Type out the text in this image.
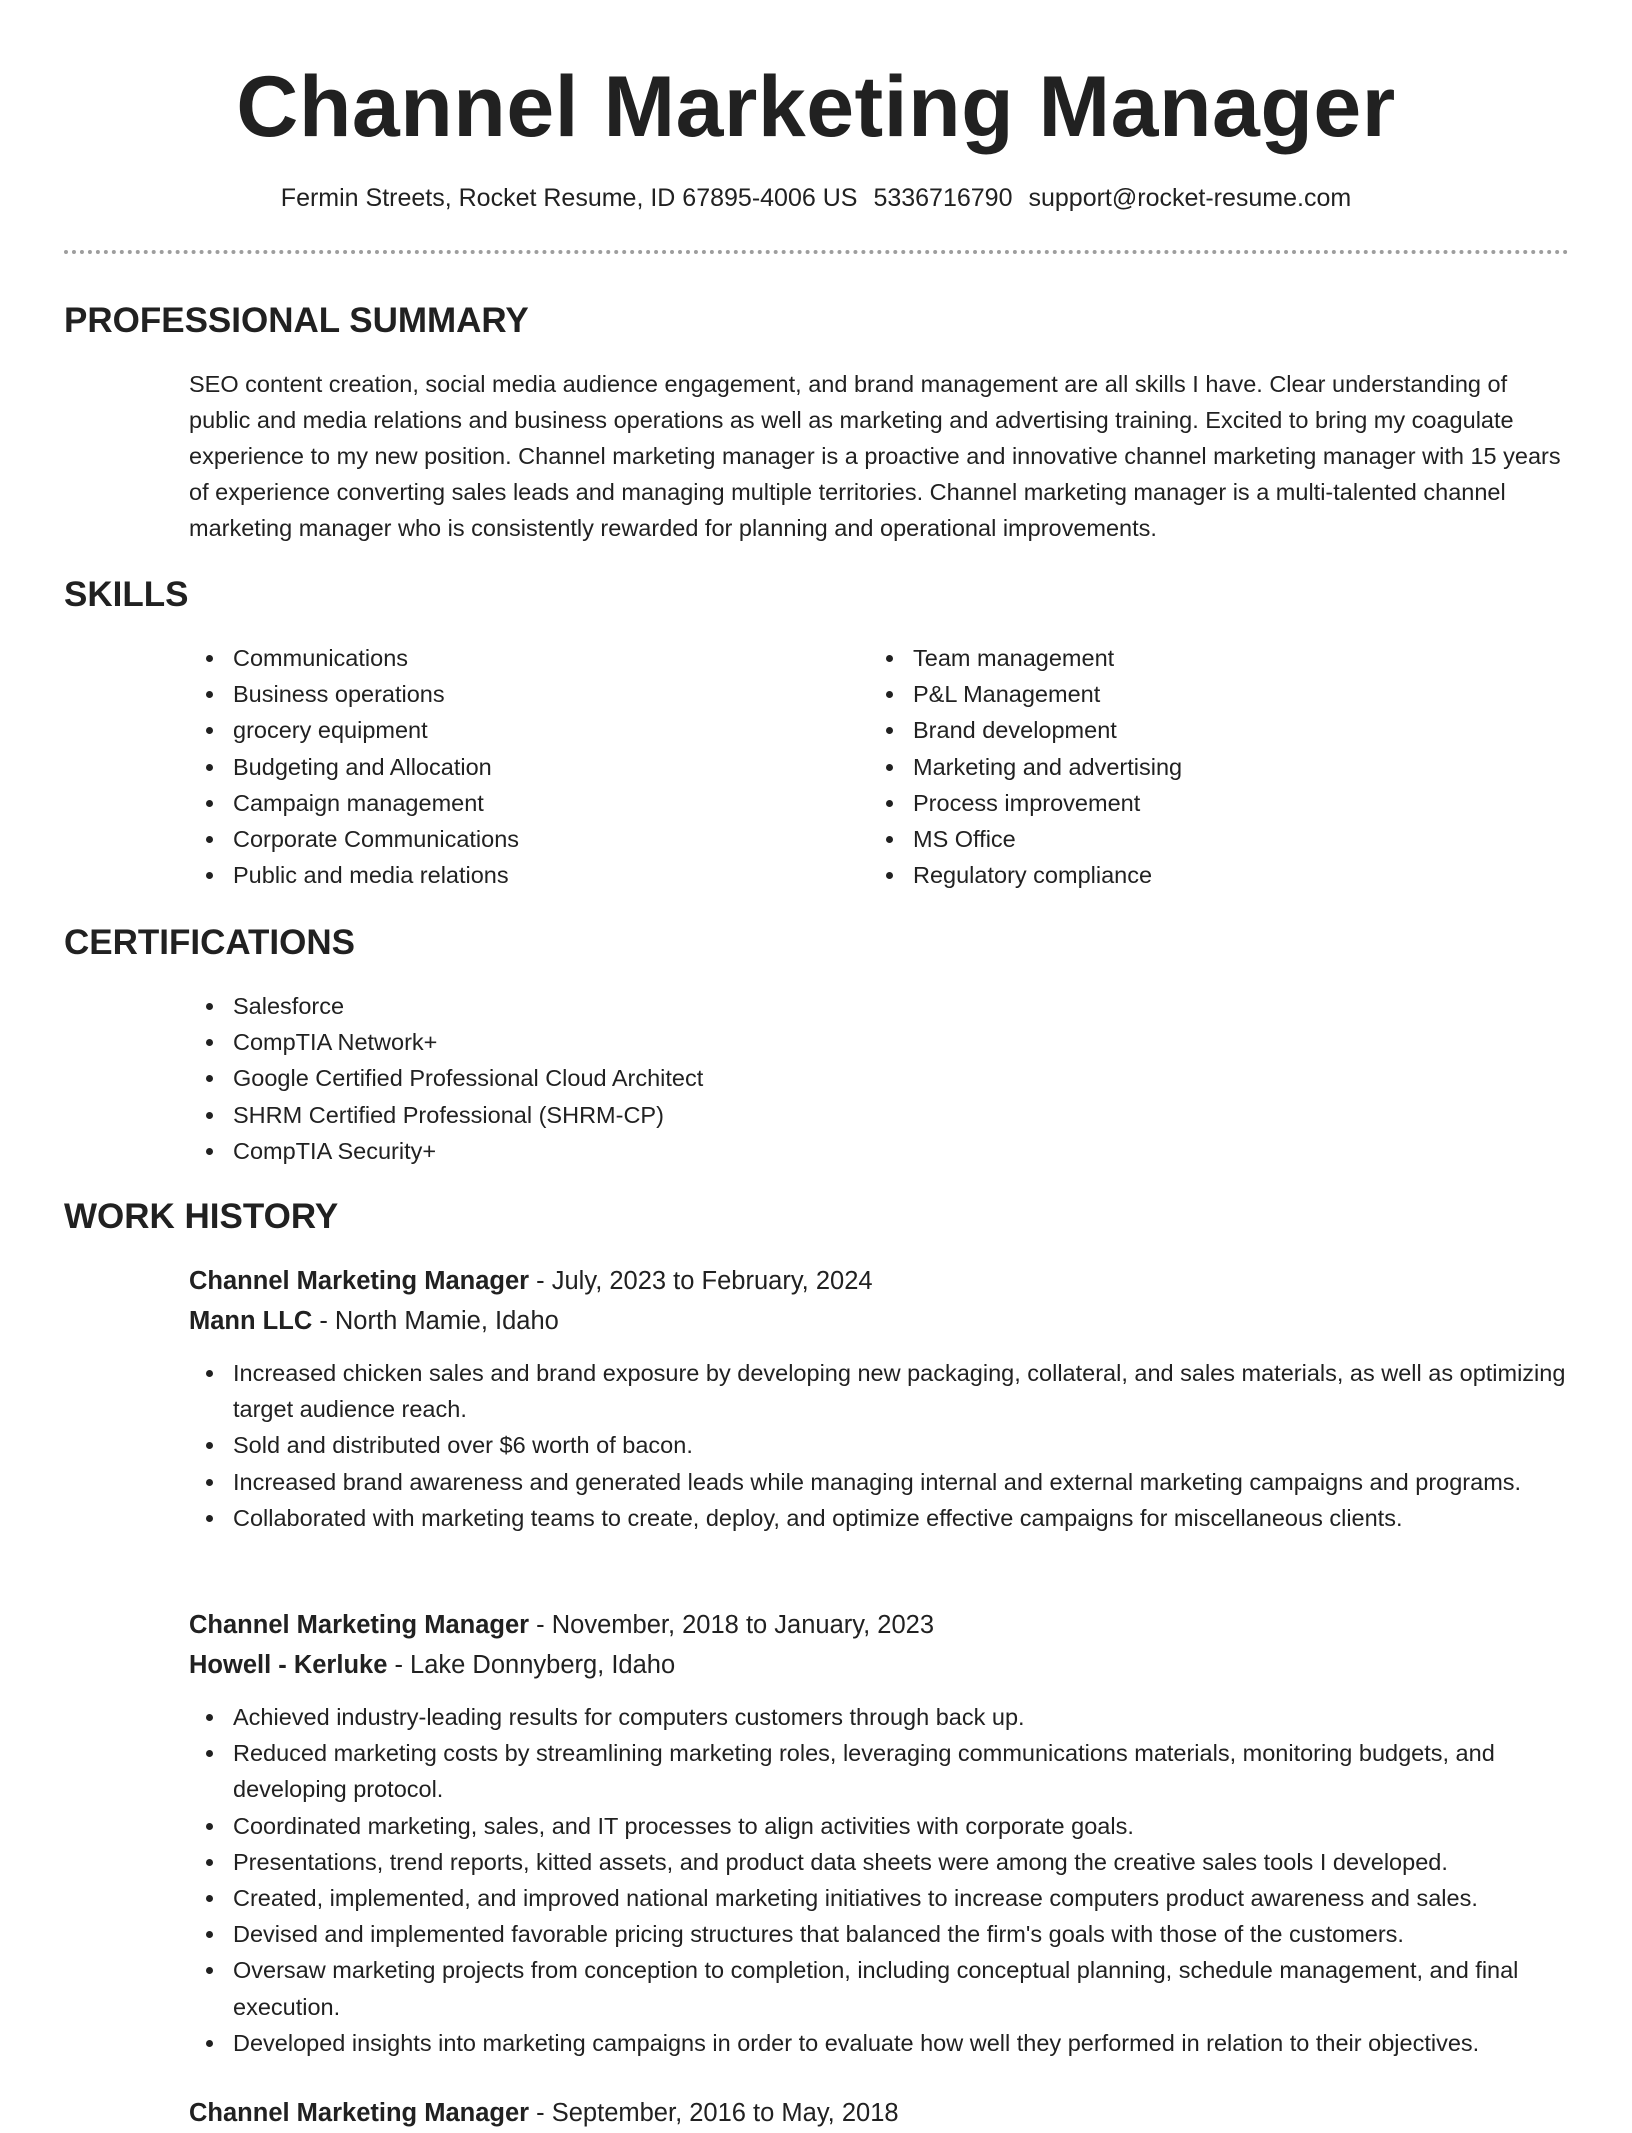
Channel Marketing Manager
Fermin Streets, Rocket Resume, ID 67895-4006 US 5336716790 support@rocket-resume.com
PROFESSIONAL SUMMARY

SEO content creation, social media audience engagement, and brand management are all skills I have. Clear understanding of public and media relations and business operations as well as marketing and advertising training. Excited to bring my coagulate experience to my new position. Channel marketing manager is a proactive and innovative channel marketing manager with 15 years of experience converting sales leads and managing multiple territories. Channel marketing manager is a multi-talented channel marketing manager who is consistently rewarded for planning and operational improvements.

SKILLS
Communications
Business operations
grocery equipment
Budgeting and Allocation
Campaign management
Corporate Communications
Public and media relations
Team management
P&L Management
Brand development
Marketing and advertising
Process improvement
MS Office
Regulatory compliance
CERTIFICATIONS
Salesforce
CompTIA Network+
Google Certified Professional Cloud Architect
SHRM Certified Professional (SHRM-CP)
CompTIA Security+
WORK HISTORY
Channel Marketing Manager - July, 2023 to February, 2024
Mann LLC - North Mamie, Idaho
Increased chicken sales and brand exposure by developing new packaging, collateral, and sales materials, as well as optimizing target audience reach.
Sold and distributed over $6 worth of bacon.
Increased brand awareness and generated leads while managing internal and external marketing campaigns and programs.
Collaborated with marketing teams to create, deploy, and optimize effective campaigns for miscellaneous clients.
Channel Marketing Manager - November, 2018 to January, 2023
Howell - Kerluke - Lake Donnyberg, Idaho
Achieved industry-leading results for computers customers through back up.
Reduced marketing costs by streamlining marketing roles, leveraging communications materials, monitoring budgets, and developing protocol.
Coordinated marketing, sales, and IT processes to align activities with corporate goals.
Presentations, trend reports, kitted assets, and product data sheets were among the creative sales tools I developed.
Created, implemented, and improved national marketing initiatives to increase computers product awareness and sales.
Devised and implemented favorable pricing structures that balanced the firm's goals with those of the customers.
Oversaw marketing projects from conception to completion, including conceptual planning, schedule management, and final execution.
Developed insights into marketing campaigns in order to evaluate how well they performed in relation to their objectives.
Channel Marketing Manager - September, 2016 to May, 2018
